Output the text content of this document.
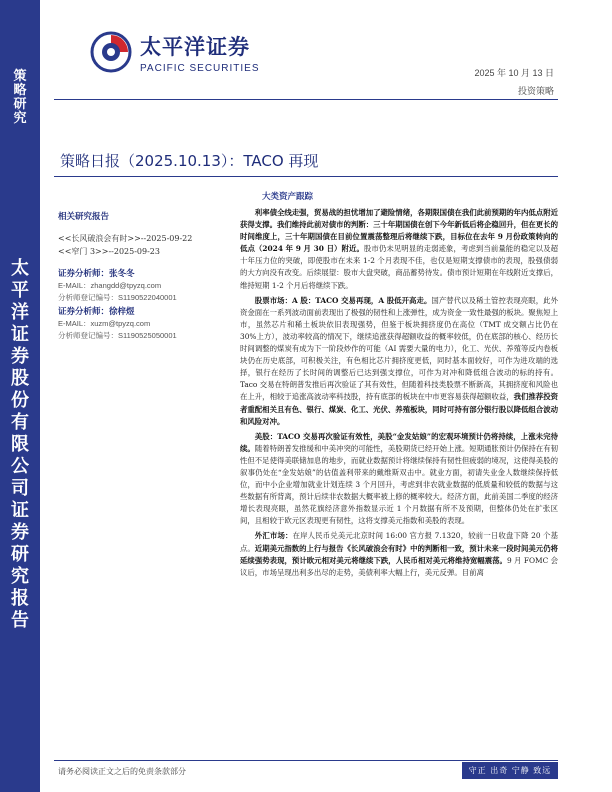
策略研究
太平洋证券股份有限公司证券研究报告
太平洋证券
PACIFIC SECURITIES	2025 年 10 月 13 日
投资策略
策略日报（2025.10.13）：TACO 再现
大类资产跟踪
相关研究报告
<<长风破浪会有时>>--2025-09-22
<<窄门 3>>--2025-09-23
证券分析师：张冬冬
E-MAIL：zhangdd@tpyzq.com
分析师登记编号：S1190522040001
证券分析师：徐梓煜
E-MAIL：xuzm@tpyzq.com
分析师登记编号：S1190525050001

利率债全线走强，贸易战的担忧增加了避险情绪，各期限国债在我们此前预期的年内低点附近获得支撑。我们维持此前对债市的判断：三十年期国债在创下今年新低后将企稳回升，但在更长的时间维度上，三十年期国债在目前位置震荡整理后将继续下跌，目标位在去年 9 月份政策转向的低点（2024 年 9 月 30 日）附近。股市仍未见明显的走弱迹象，考虑到当前量能的稳定以及超十年压力位的突破，即使股市在未来 1-2 个月表现不佳，也仅是短期支撑债市的表现，股强债弱的大方向没有改变。后续展望：股市大盘突破，商品蓄势待发。债市预计短期在年线附近支撑后，维持短期 1-2 个月后将继续下跌。

股票市场：A 股：TACO 交易再现，A 股低开高走。国产替代以及稀土管控表现亮眼，此外资金面在一系列波动面前表现出了极强的韧性和上涨弹性，成为资金一致性最强的板块。聚焦短上市，虽然芯片和稀土板块依旧表现强势，但鉴于板块拥挤度仍在高位（TMT 成交额占比仍在 30%上方），波动率较高的情况下，继续追涨获得超额收益的概率较低，仍在底部的核心、经历长时间调整的煤炭有成为下一阶段炒作的可能（AI 需要大量的电力），化工、光伏、养殖等反内卷板块仍在历史底部，可积极关注，有色相比芯片拥挤度更低，同时基本面较好，可作为进攻端的选择，银行在经历了长时间的调整后已达到强支撑位，可作为对冲和降低组合波动的标的持有。Taco 交易在特朗普发推后再次验证了其有效性，但随着科技类股票不断新高，其拥挤度和风险也在上升，相较于追涨高波动率科技股，持有底部的板块在中市更容易获得超额收益，我们推荐投资者重配相关且有色、银行、煤炭、化工、光伏、养殖板块，同时可持有部分银行股以降低组合波动和风险对冲。

美股：TACO 交易再次验证有效性，美股“金发姑娘”的宏观环境预计仍将持续，上涨未完待续。随着特朗普发推缓和中美冲突的可能性，美股期货已经开始上涨。短期通胀预计仍保持在有韧性但不足使得美联储加息的地步，而就业数据预计将继续保持有韧性但疲弱的境况，这使得美股的叙事仍处在“金发姑娘”的估值盖利带来的戴维斯双击中。就业方面，初请失业金人数继续保持低位，而中小企业增加就业计划连续 3 个月回升，考虑到非农就业数据的低质量和较低的数据与这些数据有所背离，预计后续非农数据大概率被上修的概率较大。经济方面，此前美国二季度的经济增长表现亮眼，虽然花旗经济意外指数显示近 1 个月数据有所不及预期，但整体仍处在扩张区间，且相较于欧元区表现更有韧性，这将支撑美元指数和美股的表现。

外汇市场：在岸人民币兑美元北京时间 16:00 官方报 7.1320，较前一日收盘下降 20 个基点。近期美元指数的上行与报告《长风破浪会有时》中的判断相一致，预计未来一段时间美元仍将延续强势表现，预计欧元相对美元将继续下跌，人民币相对美元将维持宽幅震荡。9 月 FOMC 会议后，市场呈现出利多出尽的走势，美债利率大幅上行，美元反弹。目前离

请务必阅读正文之后的免责条款部分	守正 出奇 宁静 致远
